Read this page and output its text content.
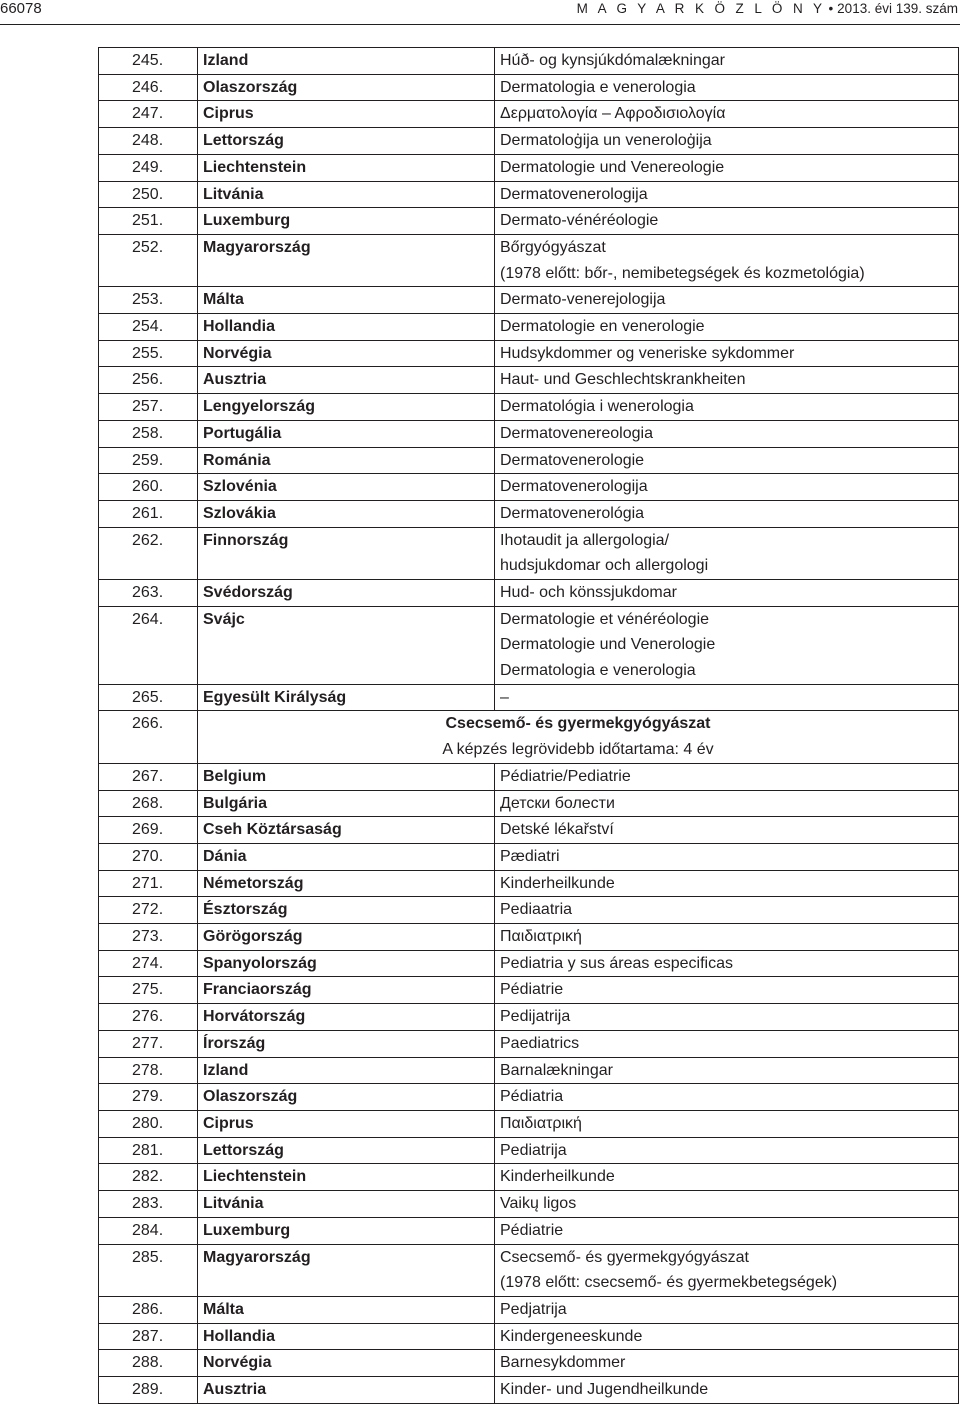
66078	M A G Y A R K Ö Z L Ö N Y • 2013. évi 139. szám
245.	Izland	Húð- og kynsjúkdómalækningar

246.	Olaszország	Dermatologia e venerologia

247.	Ciprus	Δερματολογία – Αφροδισιολογία

248.	Lettország	Dermatoloģija un veneroloģija

249.	Liechtenstein	Dermatologie und Venereologie

250.	Litvánia	Dermatovenerologija

251.	Luxemburg	Dermato-vénéréologie

252.	Magyarország	Bőrgyógyászat
(1978 előtt: bőr-, nemibetegségek és kozmetológia)

253.	Málta	Dermato-venerejologija

254.	Hollandia	Dermatologie en venerologie

255.	Norvégia	Hudsykdommer og veneriske sykdommer

256.	Ausztria	Haut- und Geschlechtskrankheiten

257.	Lengyelország	Dermatológia i wenerologia

258.	Portugália	Dermatovenereologia

259.	Románia	Dermatovenerologie

260.	Szlovénia	Dermatovenerologija

261.	Szlovákia	Dermatovenerológia

262.	Finnország	Ihotaudit ja allergologia/
hudsjukdomar och allergologi

263.	Svédország	Hud- och könssjukdomar

264.	Svájc	Dermatologie et vénéréologie
Dermatologie und Venerologie
Dermatologia e venerologia

265.	Egyesült Királyság	–

266.	Csecsemő- és gyermekgyógyászat
A képzés legrövidebb időtartama: 4 év	

267.	Belgium	Pédiatrie/Pediatrie

268.	Bulgária	Детски болести

269.	Cseh Köztársaság	Detské lékařství

270.	Dánia	Pædiatri

271.	Németország	Kinderheilkunde

272.	Észtország	Pediaatria

273.	Görögország	Παιδιατρική

274.	Spanyolország	Pediatria y sus áreas especificas

275.	Franciaország	Pédiatrie

276.	Horvátország	Pedijatrija

277.	Írország	Paediatrics

278.	Izland	Barnalækningar

279.	Olaszország	Pédiatria

280.	Ciprus	Παιδιατρική

281.	Lettország	Pediatrija

282.	Liechtenstein	Kinderheilkunde

283.	Litvánia	Vaikų ligos

284.	Luxemburg	Pédiatrie

285.	Magyarország	Csecsemő- és gyermekgyógyászat
(1978 előtt: csecsemő- és gyermekbetegségek)

286.	Málta	Pedjatrija

287.	Hollandia	Kindergeneeskunde

288.	Norvégia	Barnesykdommer

289.	Ausztria	Kinder- und Jugendheilkunde
